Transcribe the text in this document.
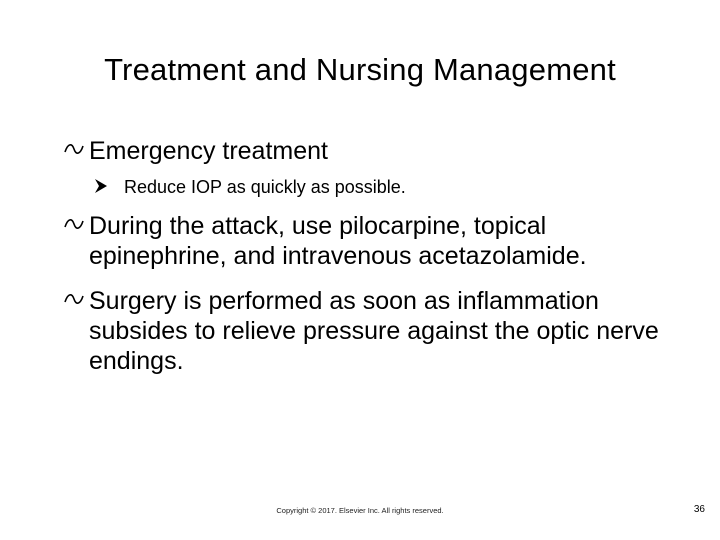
Treatment and Nursing Management
Emergency treatment
Reduce IOP as quickly as possible.
During the attack, use pilocarpine, topical epinephrine, and intravenous acetazolamide.
Surgery is performed as soon as inflammation subsides to relieve pressure against the optic nerve endings.
Copyright © 2017. Elsevier Inc. All rights reserved.	36
